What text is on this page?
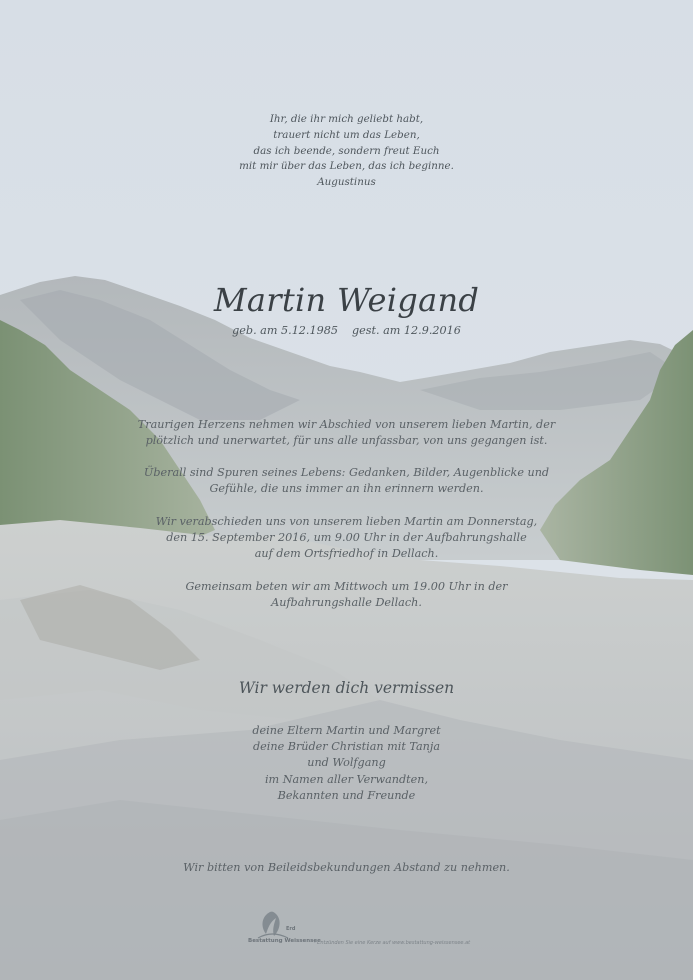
Ihr, die ihr mich geliebt habt,
trauert nicht um das Leben,
das ich beende, sondern freut Euch
mit mir über das Leben, das ich beginne.
Augustinus
Martin Weigand
geb. am 5.12.1985 gest. am 12.9.2016
Traurigen Herzens nehmen wir Abschied von unserem lieben Martin, der
plötzlich und unerwartet, für uns alle unfassbar, von uns gegangen ist.
Überall sind Spuren seines Lebens: Gedanken, Bilder, Augenblicke und
Gefühle, die uns immer an ihn erinnern werden.
Wir verabschieden uns von unserem lieben Martin am Donnerstag,
den 15. September 2016, um 9.00 Uhr in der Aufbahrungshalle
auf dem Ortsfriedhof in Dellach.
Gemeinsam beten wir am Mittwoch um 19.00 Uhr in der
Aufbahrungshalle Dellach.
Wir werden dich vermissen
deine Eltern Martin und Margret
deine Brüder Christian mit Tanja
und Wolfgang
im Namen aller Verwandten,
Bekannten und Freunde
Wir bitten von Beileidsbekundungen Abstand zu nehmen.
Erd
Bestattung Weissensee
· Entzünden Sie eine Kerze auf www.bestattung-weissensee.at
